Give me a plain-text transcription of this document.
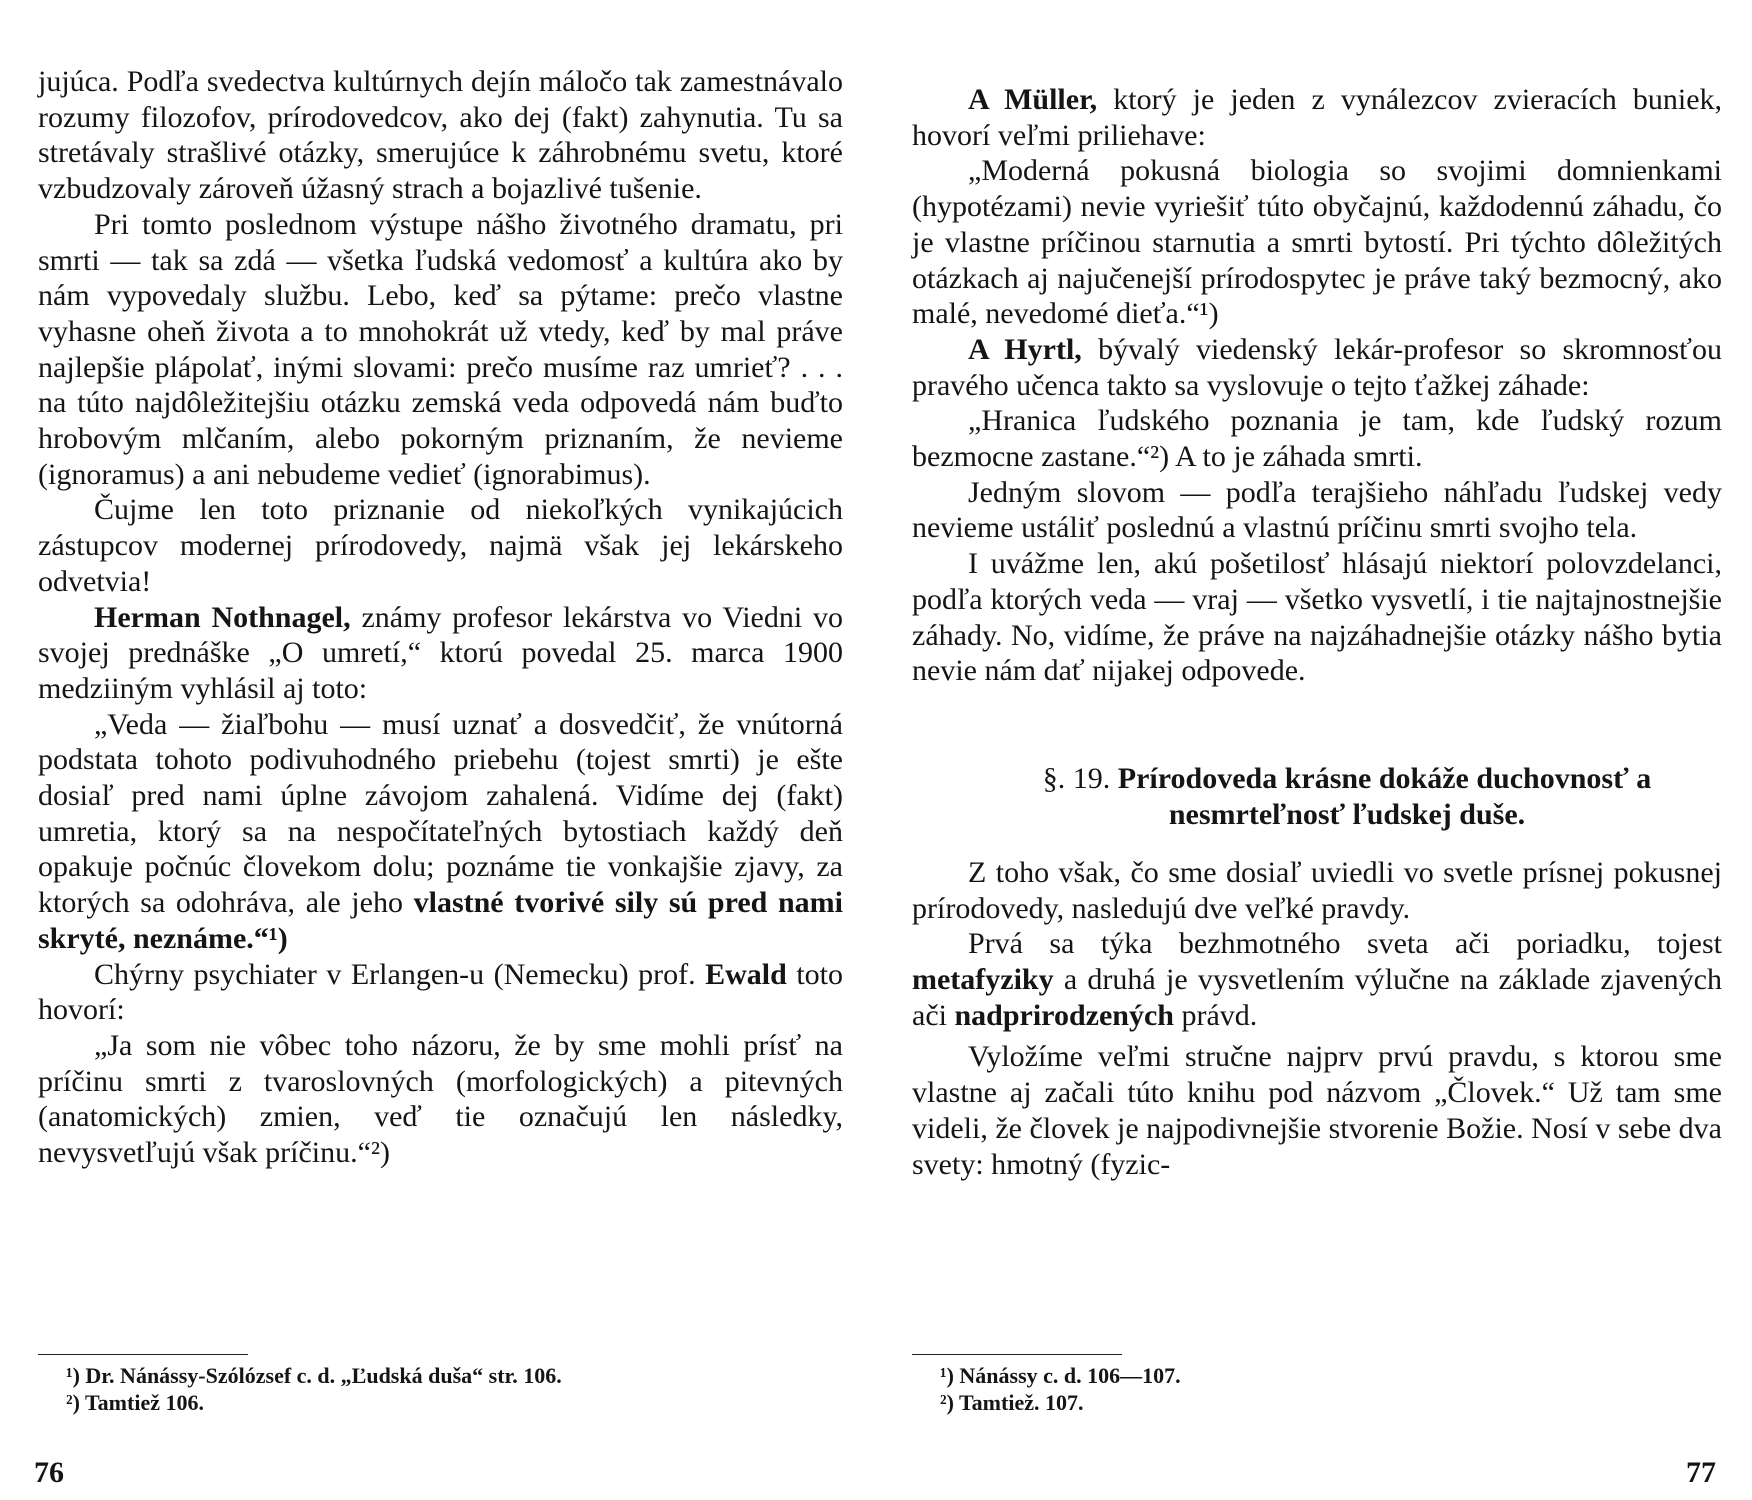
jujúca. Podľa svedectva kultúrnych dejín máločo tak zamestnávalo rozumy filozofov, prírodovedcov, ako dej (fakt) zahynutia. Tu sa stretávaly strašlivé otázky, smerujúce k záhrobnému svetu, ktoré vzbudzovaly zároveň úžasný strach a bojazlivé tušenie.

Pri tomto poslednom výstupe nášho životného dramatu, pri smrti — tak sa zdá — všetka ľudská vedomosť a kultúra ako by nám vypovedaly službu. Lebo, keď sa pýtame: prečo vlastne vyhasne oheň života a to mnohokrát už vtedy, keď by mal práve najlepšie plápolať, inými slovami: prečo musíme raz umrieť? . . . na túto najdôležitejšiu otázku zemská veda odpovedá nám buďto hrobovým mlčaním, alebo pokorným priznaním, že nevieme (ignoramus) a ani nebudeme vedieť (ignorabimus).

Čujme len toto priznanie od niekoľkých vynikajúcich zástupcov modernej prírodovedy, najmä však jej lekárskeho odvetvia!

Herman Nothnagel, známy profesor lekárstva vo Viedni vo svojej prednáške „O umretí,“ ktorú povedal 25. marca 1900 medziiným vyhlásil aj toto:

„Veda — žiaľbohu — musí uznať a dosvedčiť, že vnútorná podstata tohoto podivuhodného priebehu (tojest smrti) je ešte dosiaľ pred nami úplne závojom zahalená. Vidíme dej (fakt) umretia, ktorý sa na nespočítateľných bytostiach každý deň opakuje počnúc človekom dolu; poznáme tie vonkajšie zjavy, za ktorých sa odohráva, ale jeho vlastné tvorivé sily sú pred nami skryté, neznáme.“¹)

Chýrny psychiater v Erlangen-u (Nemecku) prof. Ewald toto hovorí:

„Ja som nie vôbec toho názoru, že by sme mohli prísť na príčinu smrti z tvaroslovných (morfologických) a pitevných (anatomických) zmien, veď tie označujú len následky, nevysvetľujú však príčinu.“²)

¹) Dr. Nánássy-Szólózsef c. d. „Ľudská duša“ str. 106.

²) Tamtiež 106.

76

A Müller, ktorý je jeden z vynálezcov zvieracích buniek, hovorí veľmi priliehave:

„Moderná pokusná biologia so svojimi domnienkami (hypotézami) nevie vyriešiť túto obyčajnú, každodennú záhadu, čo je vlastne príčinou starnutia a smrti bytostí. Pri týchto dôležitých otázkach aj najučenejší prírodospytec je práve taký bezmocný, ako malé, nevedomé dieťa.“¹)

A Hyrtl, bývalý viedenský lekár-profesor so skromnosťou pravého učenca takto sa vyslovuje o tejto ťažkej záhade:

„Hranica ľudského poznania je tam, kde ľudský rozum bezmocne zastane.“²) A to je záhada smrti.

Jedným slovom — podľa terajšieho náhľadu ľudskej vedy nevieme ustáliť poslednú a vlastnú príčinu smrti svojho tela.

I uvážme len, akú pošetilosť hlásajú niektorí polovzdelanci, podľa ktorých veda — vraj — všetko vysvetlí, i tie najtajnostnejšie záhady. No, vidíme, že práve na najzáhadnejšie otázky nášho bytia nevie nám dať nijakej odpovede.

§. 19. Prírodoveda krásne dokáže duchovnosť a nesmrteľnosť ľudskej duše.

Z toho však, čo sme dosiaľ uviedli vo svetle prísnej pokusnej prírodovedy, nasledujú dve veľké pravdy.

Prvá sa týka bezhmotného sveta ači poriadku, tojest metafyziky a druhá je vysvetlením výlučne na základe zjavených ači nadprirodzených právd.

Vyložíme veľmi stručne najprv prvú pravdu, s ktorou sme vlastne aj začali túto knihu pod názvom „Človek.“ Už tam sme videli, že človek je najpodivnejšie stvorenie Božie. Nosí v sebe dva svety: hmotný (fyzic-

¹) Nánássy c. d. 106—107.

²) Tamtiež. 107.

77
